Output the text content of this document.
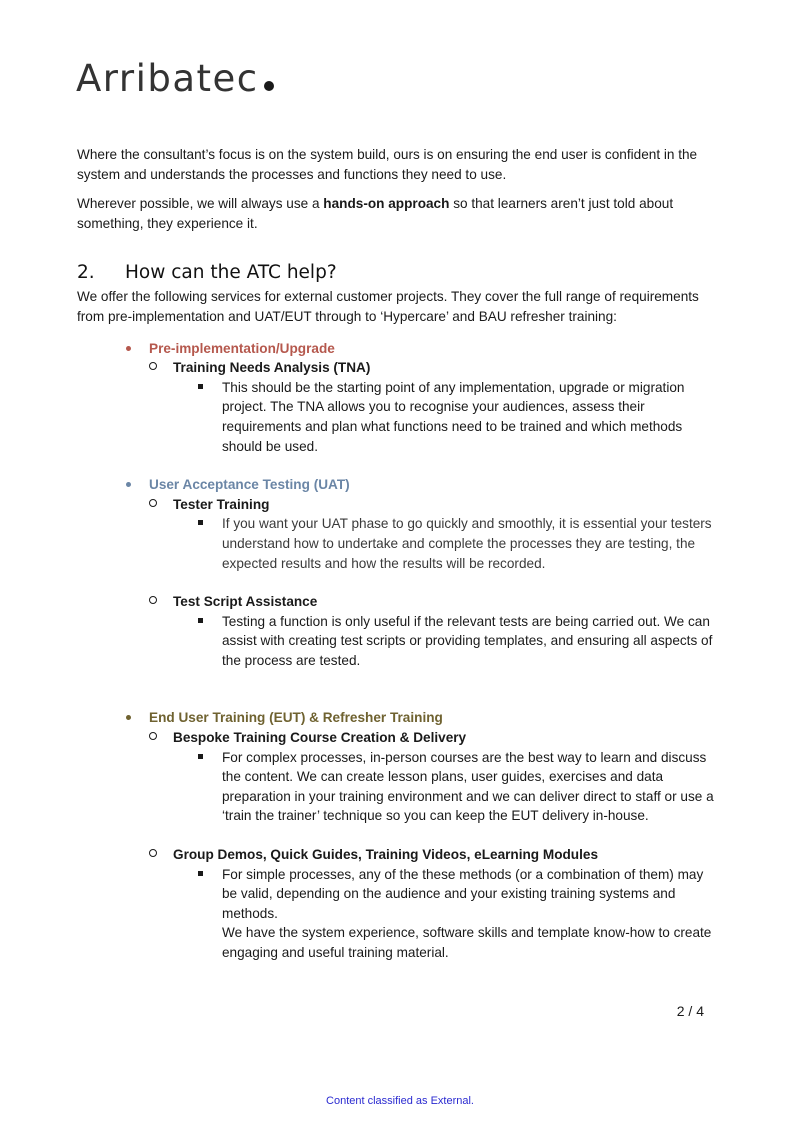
Arribatec

Where the consultant’s focus is on the system build, ours is on ensuring the end user is confident in the system and understands the processes and functions they need to use.

Wherever possible, we will always use a hands-on approach so that learners aren’t just told about something, they experience it.

2. How can the ATC help?
We offer the following services for external customer projects. They cover the full range of requirements from pre-implementation and UAT/EUT through to ‘Hypercare’ and BAU refresher training:
Pre-implementation/Upgrade
Training Needs Analysis (TNA)
This should be the starting point of any implementation, upgrade or migration project. The TNA allows you to recognise your audiences, assess their requirements and plan what functions need to be trained and which methods should be used.
User Acceptance Testing (UAT)
Tester Training
If you want your UAT phase to go quickly and smoothly, it is essential your testers understand how to undertake and complete the processes they are testing, the expected results and how the results will be recorded.
Test Script Assistance
Testing a function is only useful if the relevant tests are being carried out. We can assist with creating test scripts or providing templates, and ensuring all aspects of the process are tested.
End User Training (EUT) & Refresher Training
Bespoke Training Course Creation & Delivery
For complex processes, in-person courses are the best way to learn and discuss the content. We can create lesson plans, user guides, exercises and data preparation in your training environment and we can deliver direct to staff or use a ‘train the trainer’ technique so you can keep the EUT delivery in-house.
Group Demos, Quick Guides, Training Videos, eLearning Modules
For simple processes, any of the these methods (or a combination of them) may be valid, depending on the audience and your existing training systems and methods.
We have the system experience, software skills and template know-how to create engaging and useful training material.
2 / 4
Content classified as External.
